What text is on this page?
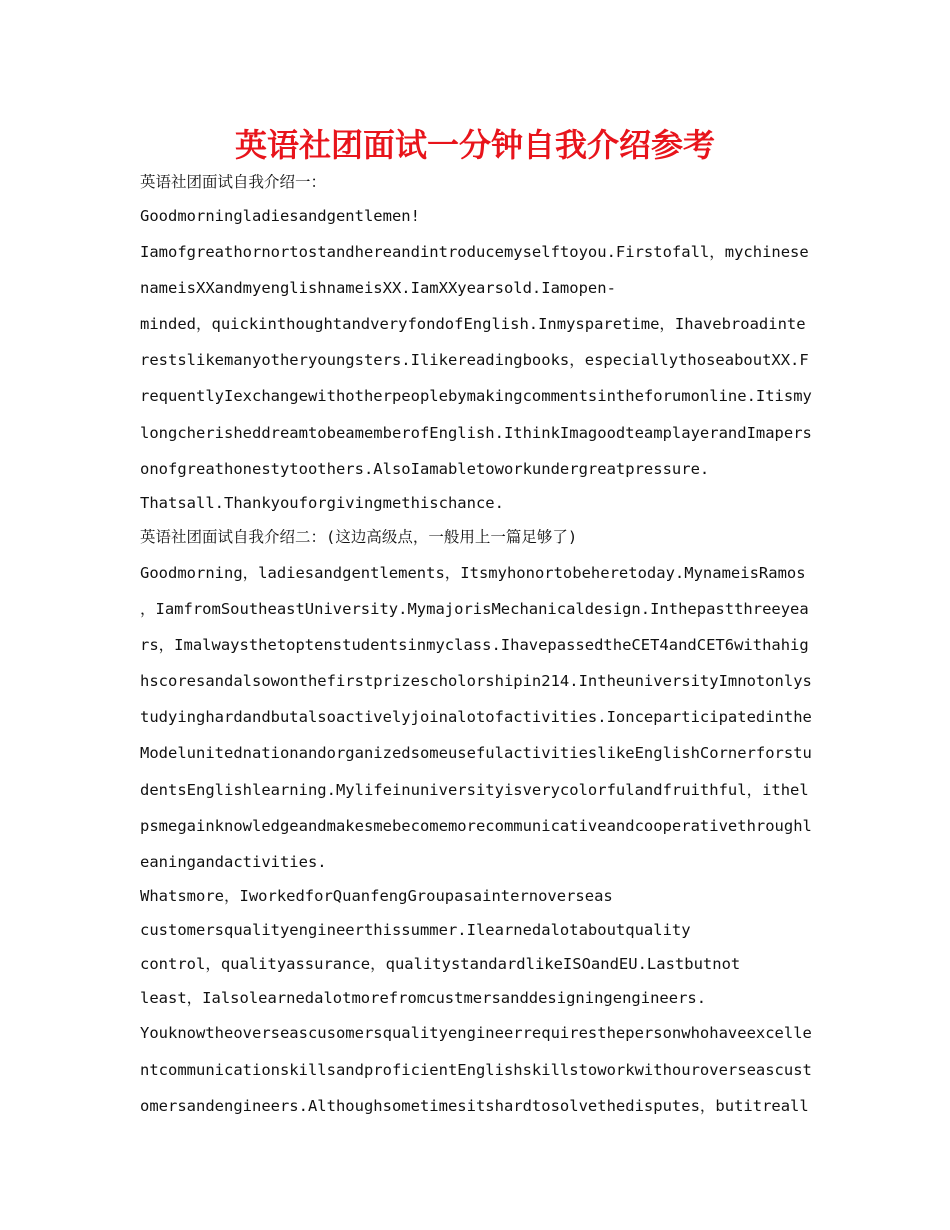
英语社团面试一分钟自我介绍参考

英语社团面试自我介绍一：

Goodmorningladiesandgentlemen!

Iamofgreathornortostandhereandintroducemyselftoyou.Firstofall，mychinese

nameisXXandmyenglishnameisXX.IamXXyearsold.Iamopen-

minded，quickinthoughtandveryfondofEnglish.Inmysparetime，Ihavebroadinte

restslikemanyotheryoungsters.Ilikereadingbooks，especiallythoseaboutXX.F

requentlyIexchangewithotherpeoplebymakingcommentsintheforumonline.Itismy

longcherisheddreamtobeamemberofEnglish.IthinkImagoodteamplayerandImapers

onofgreathonestytoothers.AlsoIamabletoworkundergreatpressure.

Thatsall.Thankyouforgivingmethischance.

英语社团面试自我介绍二：(这边高级点，一般用上一篇足够了)

Goodmorning，ladiesandgentlements，Itsmyhonortobeheretoday.MynameisRamos

，IamfromSoutheastUniversity.MymajorisMechanicaldesign.Inthepastthreeyea

rs，Imalwaysthetoptenstudentsinmyclass.IhavepassedtheCET4andCET6withahig

hscoresandalsowonthefirstprizescholorshipin214.IntheuniversityImnotonlys

tudyinghardandbutalsoactivelyjoinalotofactivities.Ionceparticipatedinthe

ModelunitednationandorganizedsomeusefulactivitieslikeEnglishCornerforstu

dentsEnglishlearning.Mylifeinuniversityisverycolorfulandfruithful，ithel

psmegainknowledgeandmakesmebecomemorecommunicativeandcooperativethroughl

eaningandactivities.

Whatsmore，IworkedforQuanfengGroupasainternoverseas

customersqualityengineerthissummer.Ilearnedalotaboutquality

control，qualityassurance，qualitystandardlikeISOandEU.Lastbutnot

least，Ialsolearnedalotmorefromcustmersanddesigningengineers.

Youknowtheoverseascusomersqualityengineerrequiresthepersonwhohaveexcelle

ntcommunicationskillsandproficientEnglishskillstoworkwithouroverseascust

omersandengineers.Althoughsometimesitshardtosolvethedisputes，butitreall
